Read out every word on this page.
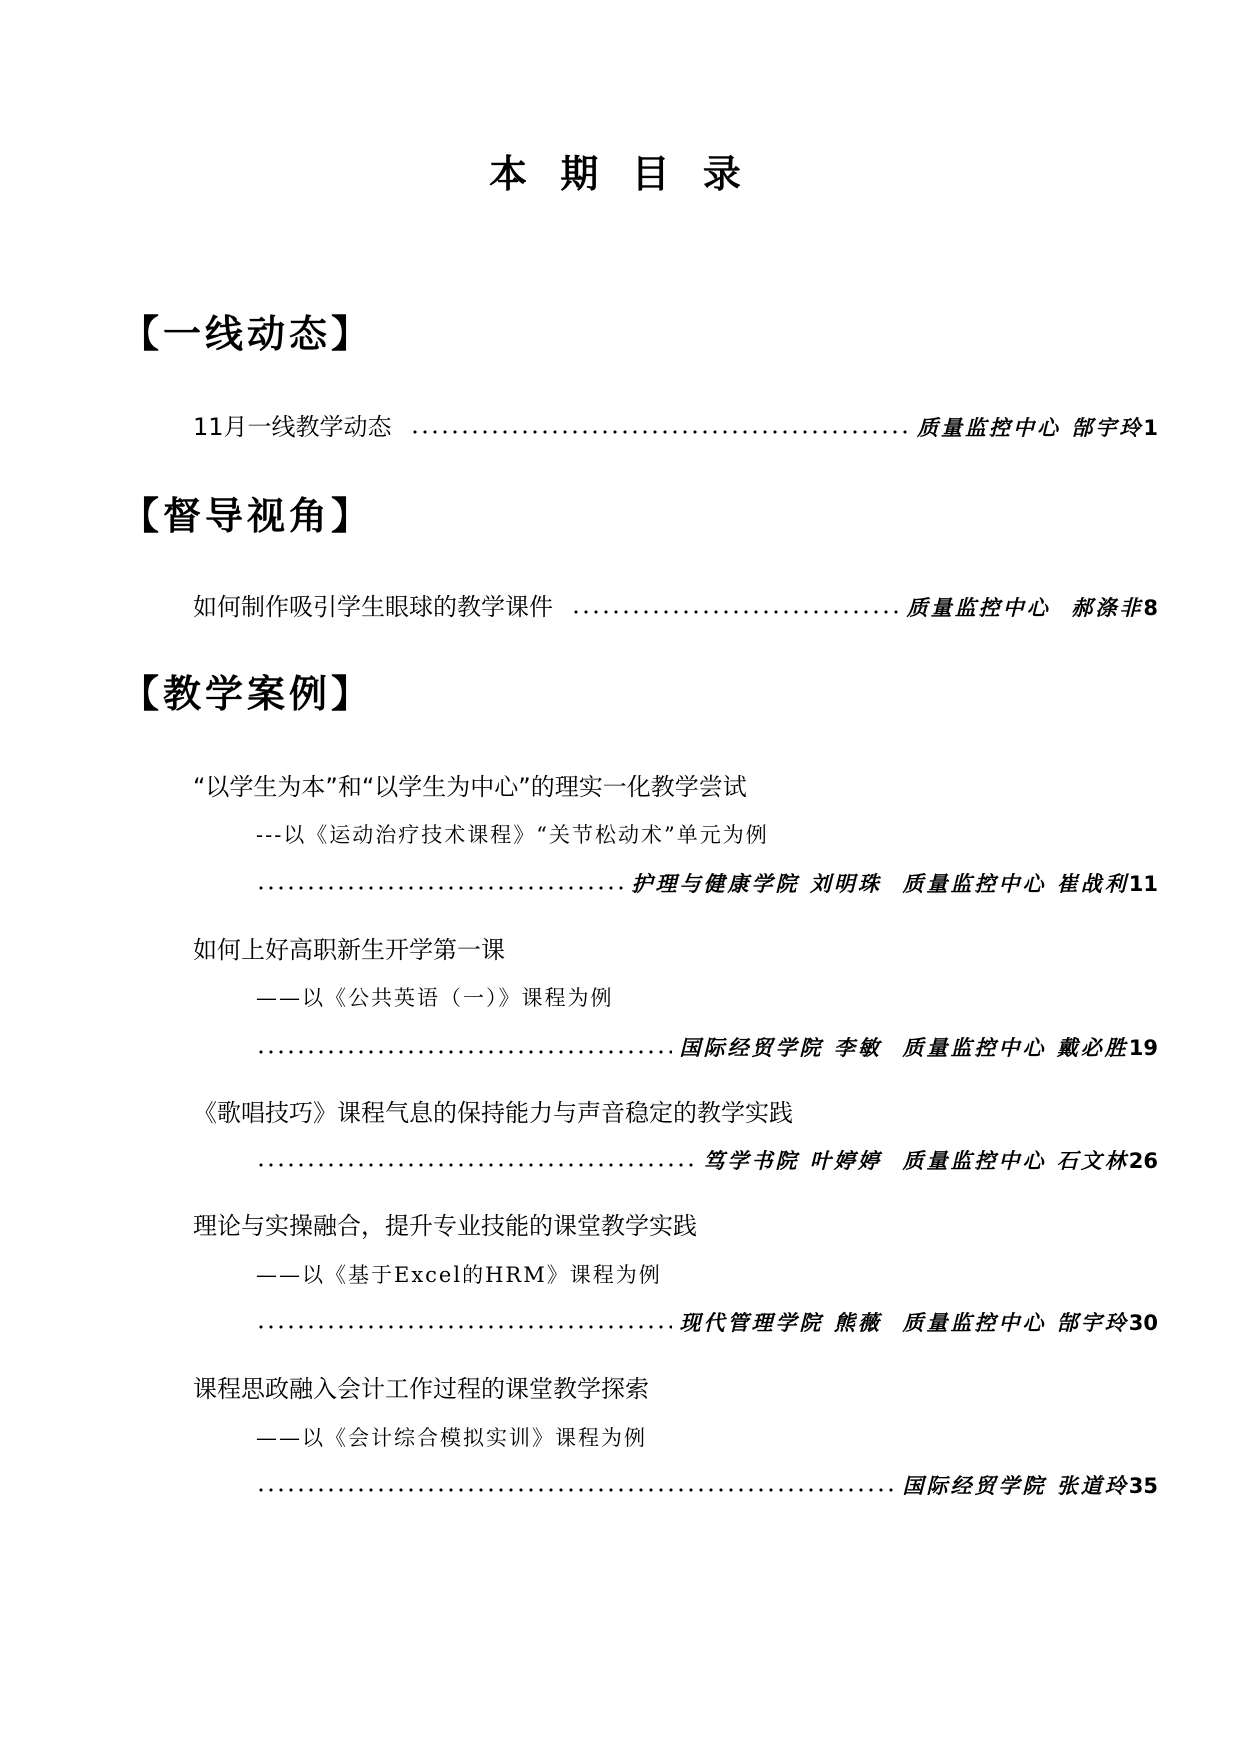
本 期 目 录
【一线动态】
11月一线教学动态	质量监控中心 郜宇玲 1
【督导视角】
如何制作吸引学生眼球的教学课件	质量监控中心  郝涤非 8
【教学案例】
“以学生为本”和“以学生为中心”的理实一化教学尝试
---以《运动治疗技术课程》“关节松动术”单元为例
护理与健康学院 刘明珠  质量监控中心 崔战利 11
如何上好高职新生开学第一课
——以《公共英语（一）》课程为例
国际经贸学院 李敏  质量监控中心 戴必胜 19
《歌唱技巧》课程气息的保持能力与声音稳定的教学实践
笃学书院 叶婷婷  质量监控中心 石文林 26
理论与实操融合，提升专业技能的课堂教学实践
——以《基于Excel的HRM》课程为例
现代管理学院 熊薇  质量监控中心 郜宇玲 30
课程思政融入会计工作过程的课堂教学探索
——以《会计综合模拟实训》课程为例
国际经贸学院 张道玲 35
